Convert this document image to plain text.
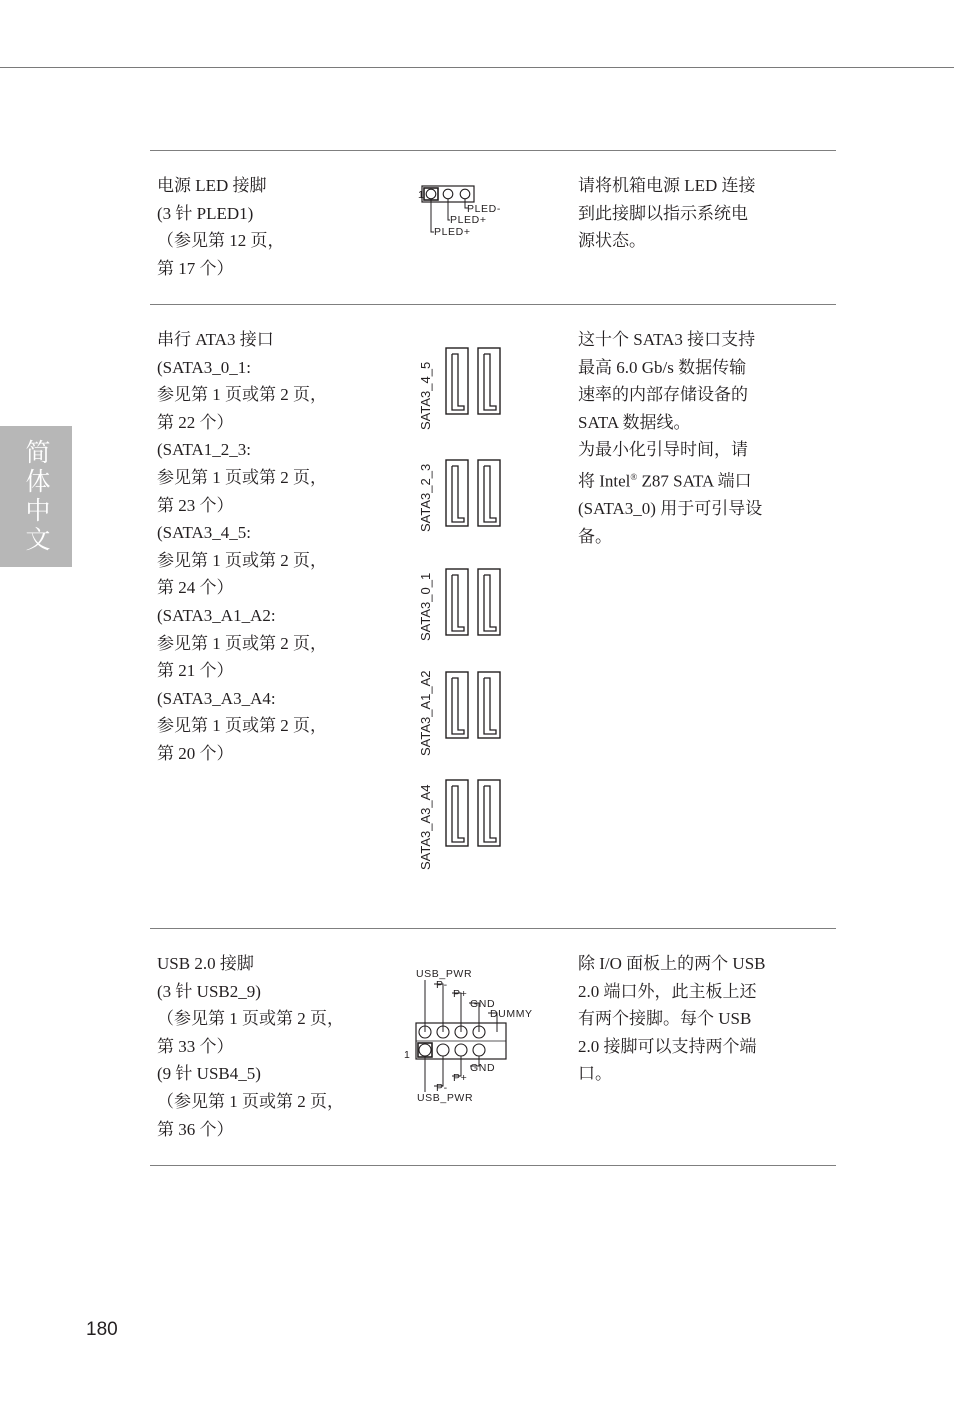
简体中文
电源 LED 接脚
(3 针 PLED1)
（参见第 12 页，
第 17 个）
1
PLED-
PLED+
PLED+
请将机箱电源 LED 连接
到此接脚以指示系统电
源状态。
串行 ATA3 接口
(SATA3_0_1:
参见第 1 页或第 2 页，
第 22 个）
(SATA1_2_3:
参见第 1 页或第 2 页，
第 23 个）
(SATA3_4_5:
参见第 1 页或第 2 页，
第 24 个）
(SATA3_A1_A2:
参见第 1 页或第 2 页，
第 21 个）
(SATA3_A3_A4:
参见第 1 页或第 2 页，
第 20 个）
SATA3_4_5
SATA3_2_3
SATA3_0_1
SATA3_A1_A2
SATA3_A3_A4
这十个 SATA3 接口支持
最高 6.0 Gb/s 数据传输
速率的内部存储设备的
SATA 数据线。
为最小化引导时间，请
将 Intel® Z87 SATA 端口
(SATA3_0) 用于可引导设
备。
USB 2.0 接脚
(3 针 USB2_9)
（参见第 1 页或第 2 页，
第 33 个）
(9 针 USB4_5)
（参见第 1 页或第 2 页，
第 36 个）
USB_PWR
P-
P+
GND
DUMMY
1
GND
P+
P-
USB_PWR
除 I/O 面板上的两个 USB
2.0 端口外，此主板上还
有两个接脚。每个 USB
2.0 接脚可以支持两个端
口。
180
